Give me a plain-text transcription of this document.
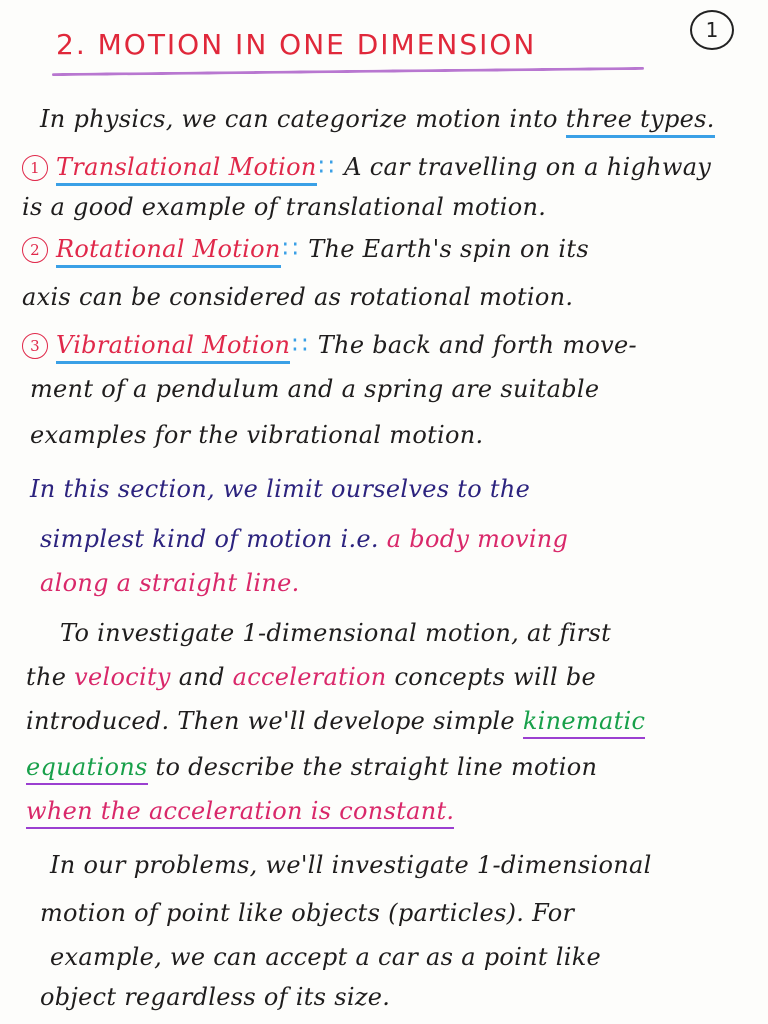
2. MOTION IN ONE DIMENSION	1
In physics, we can categorize motion into three types.
1 Translational Motion∷ A car travelling on a highway
is a good example of translational motion.
2 Rotational Motion∷ The Earth's spin on its
axis can be considered as rotational motion.
3 Vibrational Motion∷ The back and forth move-
ment of a pendulum and a spring are suitable
examples for the vibrational motion.
In this section, we limit ourselves to the
simplest kind of motion i.e. a body moving
along a straight line.
To investigate 1-dimensional motion, at first
the velocity and acceleration concepts will be
introduced. Then we'll develope simple kinematic
equations to describe the straight line motion
when the acceleration is constant.
In our problems, we'll investigate 1-dimensional
motion of point like objects (particles). For
example, we can accept a car as a point like
object regardless of its size.
